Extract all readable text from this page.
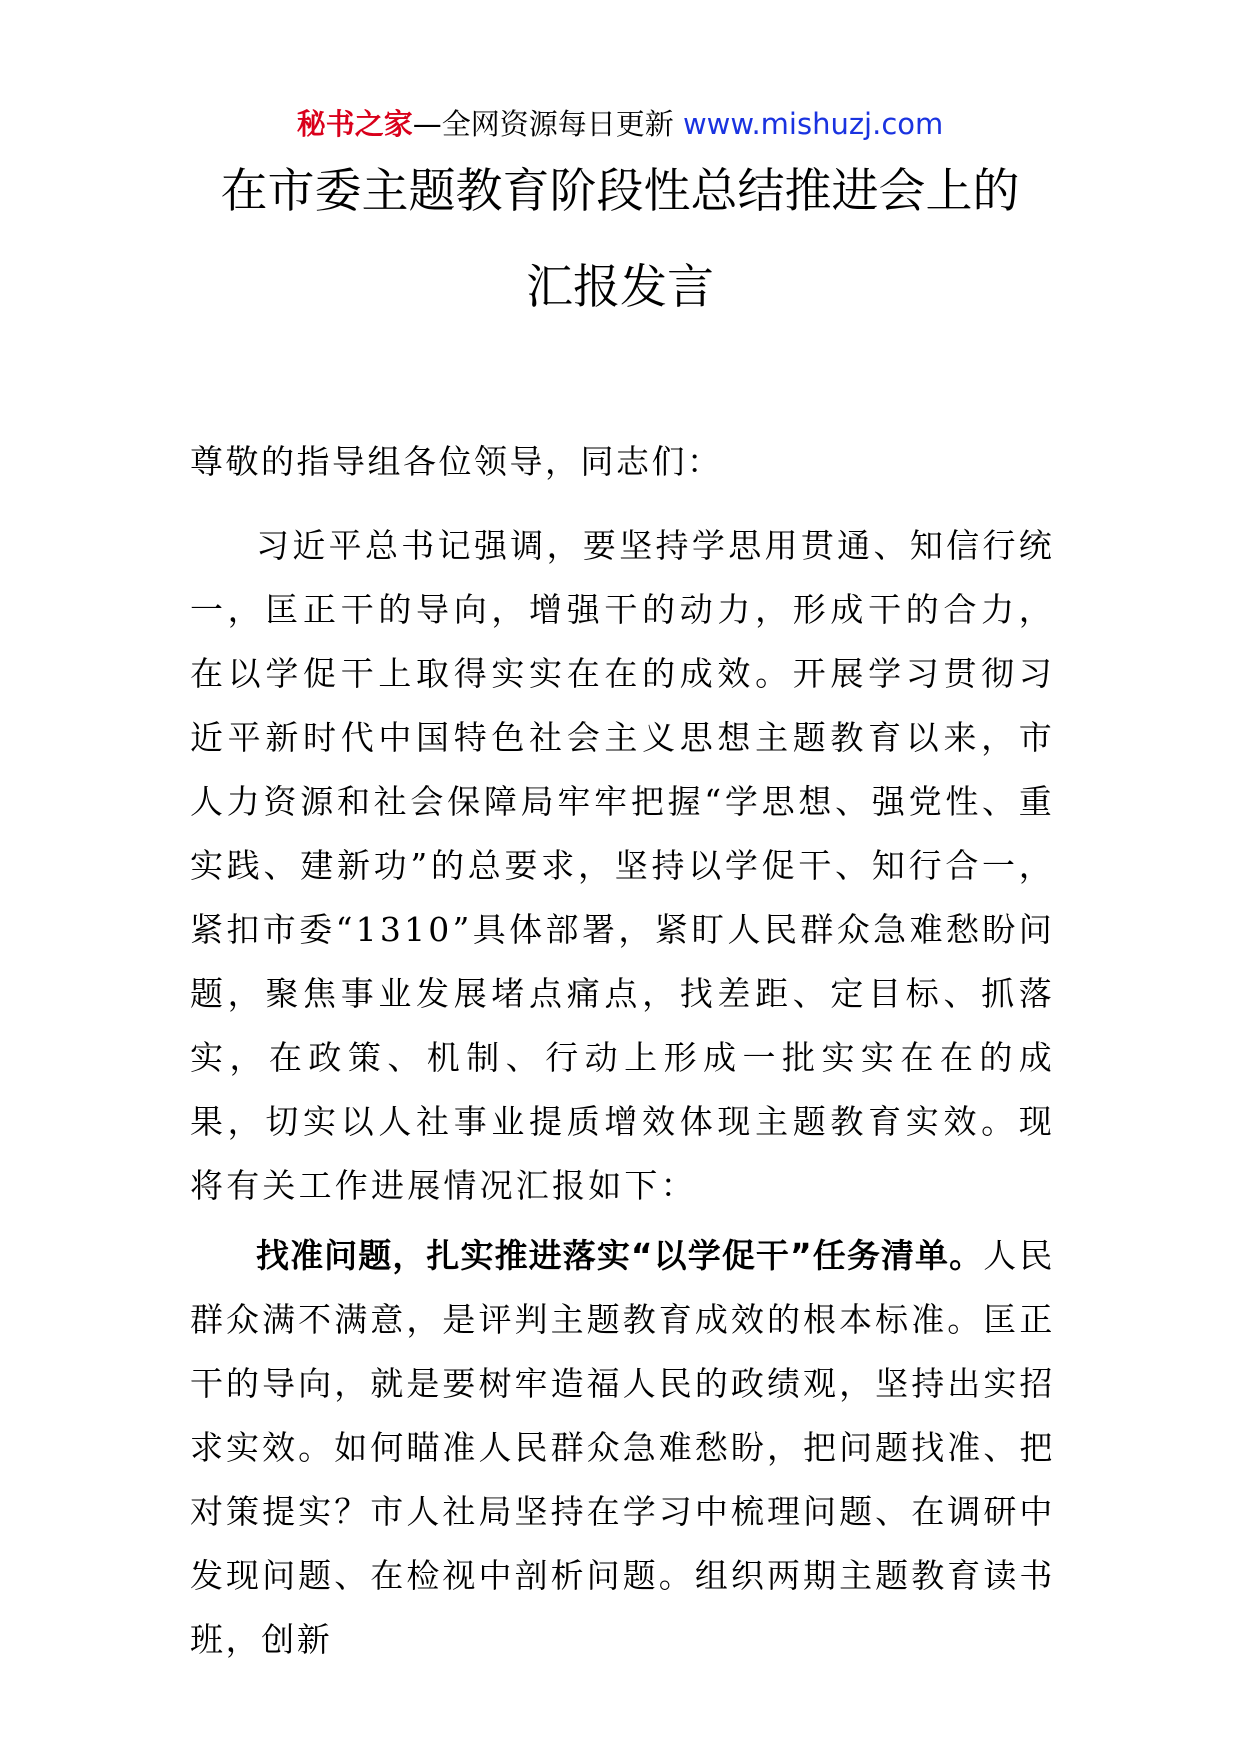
秘书之家—全网资源每日更新 www.mishuzj.com
在市委主题教育阶段性总结推进会上的
汇报发言

尊敬的指导组各位领导，同志们：

习近平总书记强调，要坚持学思用贯通、知信行统一，匡正干的导向，增强干的动力，形成干的合力，在以学促干上取得实实在在的成效。开展学习贯彻习近平新时代中国特色社会主义思想主题教育以来，市人力资源和社会保障局牢牢把握“学思想、强党性、重实践、建新功”的总要求，坚持以学促干、知行合一，紧扣市委“1310”具体部署，紧盯人民群众急难愁盼问题，聚焦事业发展堵点痛点，找差距、定目标、抓落实，在政策、机制、行动上形成一批实实在在的成果，切实以人社事业提质增效体现主题教育实效。现将有关工作进展情况汇报如下：

找准问题，扎实推进落实“以学促干”任务清单。人民群众满不满意，是评判主题教育成效的根本标准。匡正干的导向，就是要树牢造福人民的政绩观，坚持出实招求实效。如何瞄准人民群众急难愁盼，把问题找准、把对策提实？市人社局坚持在学习中梳理问题、在调研中发现问题、在检视中剖析问题。组织两期主题教育读书班，创新
